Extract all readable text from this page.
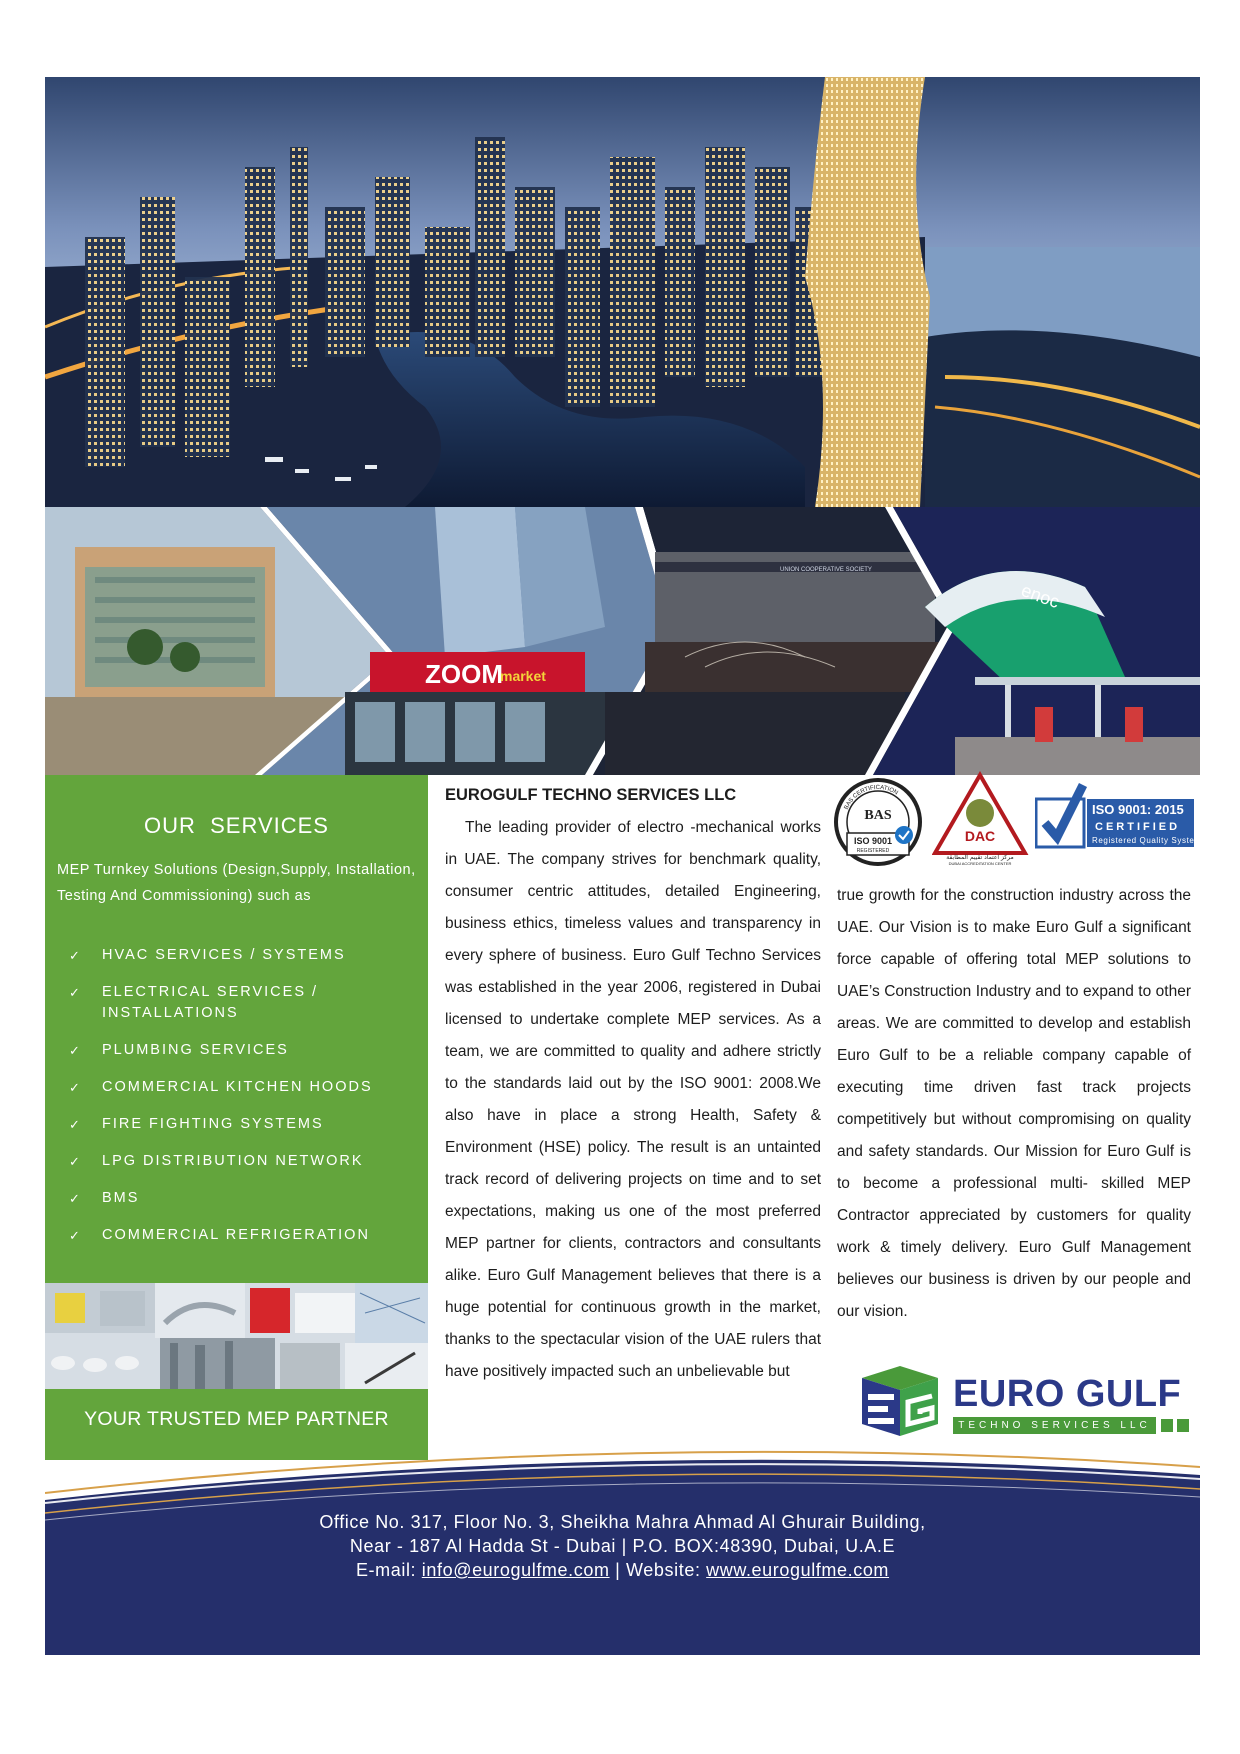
ZOOM
market
UNION COOPERATIVE SOCIETY
enoc
OUR  SERVICES
MEP Turnkey Solutions (Design,Supply, Installation, Testing And Commissioning) such as
✓ HVAC SERVICES / SYSTEMS
✓ ELECTRICAL SERVICES / INSTALLATIONS
✓ PLUMBING SERVICES
✓ COMMERCIAL KITCHEN HOODS
✓ FIRE FIGHTING SYSTEMS
✓ LPG DISTRIBUTION NETWORK
✓ BMS
✓ COMMERCIAL REFRIGERATION
YOUR TRUSTED MEP PARTNER
EUROGULF TECHNO SERVICES LLC

The leading provider of electro -mechanical works in UAE. The company strives for benchmark quality, consumer centric attitudes, detailed Engineering, business ethics, timeless values and transparency in every sphere of business. Euro Gulf Techno Services was established in the year 2006, registered in Dubai licensed to undertake complete MEP services. As a team, we are committed to quality and adhere strictly to the standards laid out by the ISO 9001: 2008.We also have in place a strong Health, Safety & Environment (HSE) policy. The result is an untainted track record of delivering projects on time and to set expectations, making us one of the most preferred MEP partner for clients, contractors and consultants alike. Euro Gulf Management believes that there is a huge potential for continuous growth in the market, thanks to the spectacular vision of the UAE rulers that have positively impacted such an unbelievable but

BAS CERTIFICATION
BAS
ISO 9001
REGISTERED
DAC
مركز اعتماد تقييم المطابقة
DUBAI ACCREDITATION CENTER
ISO 9001: 2015
CERTIFIED
Registered Quality System

true growth for the construction industry across the UAE. Our Vision is to make Euro Gulf a significant force capable of offering total MEP solutions to UAE’s Construction Industry and to expand to other areas. We are committed to develop and establish Euro Gulf to be a reliable company capable of executing time driven fast track projects competitively but without compromising on quality and safety standards. Our Mission for Euro Gulf is to become a professional multi- skilled MEP Contractor appreciated by customers for quality work & timely delivery. Euro Gulf Management believes our business is driven by our people and our vision.

EURO GULF
TECHNO SERVICES LLC
Office No. 317, Floor No. 3, Sheikha Mahra Ahmad Al Ghurair Building,
Near - 187 Al Hadda St - Dubai | P.O. BOX:48390, Dubai, U.A.E
E-mail: info@eurogulfme.com | Website: www.eurogulfme.com
